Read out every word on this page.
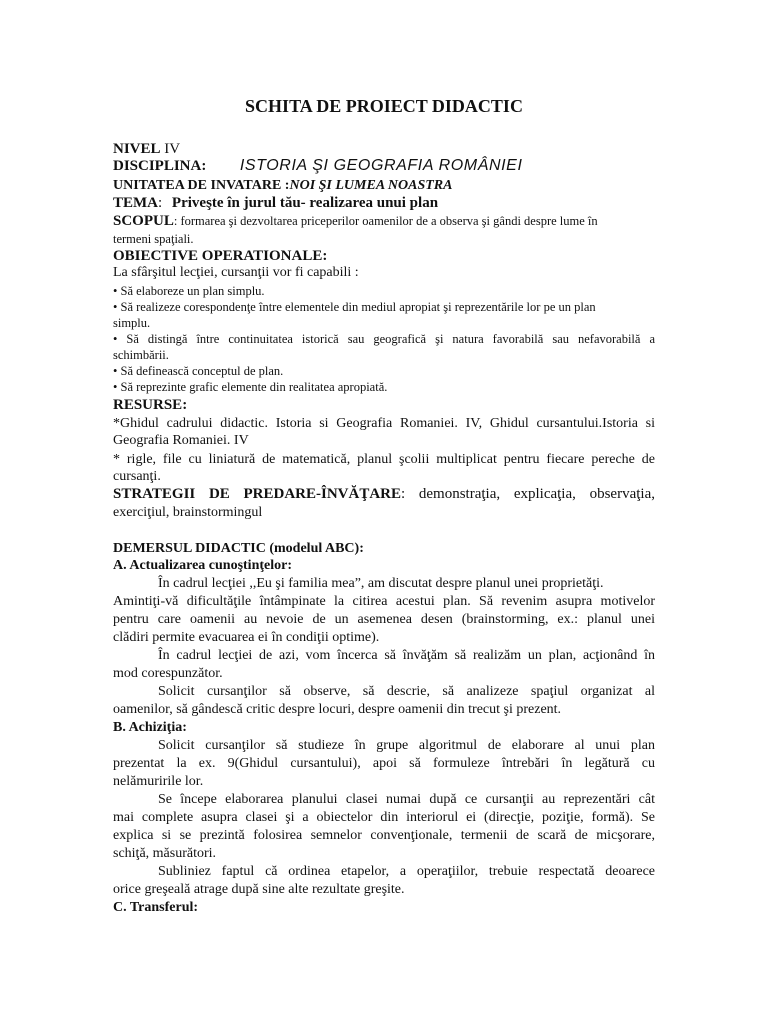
SCHITA DE PROIECT DIDACTIC
NIVEL IV
DISCIPLINA: ISTORIA ŞI GEOGRAFIA ROMÂNIEI
UNITATEA DE INVATARE :NOI ŞI LUMEA NOASTRA
TEMA: Priveşte în jurul tău- realizarea unui plan
SCOPUL: formarea şi dezvoltarea priceperilor oamenilor de a observa şi gândi despre lume în
termeni spaţiali.
OBIECTIVE OPERATIONALE:
La sfârşitul lecţiei, cursanţii vor fi capabili :
• Să elaboreze un plan simplu.
• Să realizeze corespondenţe între elementele din mediul apropiat şi reprezentările lor pe un plan
simplu.
• Să distingă între continuitatea istorică sau geografică şi natura favorabilă sau nefavorabilă a
schimbării.
• Să definească conceptul de plan.
• Să reprezinte grafic elemente din realitatea apropiată.
RESURSE:
*Ghidul cadrului didactic. Istoria si Geografia Romaniei. IV, Ghidul cursantului.Istoria si
Geografia Romaniei. IV
* rigle, file cu liniatură de matematică, planul şcolii multiplicat pentru fiecare pereche de
cursanţi.
STRATEGII DE PREDARE-ÎNVĂŢARE: demonstraţia, explicaţia, observaţia,
exerciţiul, brainstormingul
DEMERSUL DIDACTIC (modelul ABC):
A. Actualizarea cunoştinţelor:
În cadrul lecţiei ,,Eu şi familia mea”, am discutat despre planul unei proprietăţi.
Amintiţi-vă dificultăţile întâmpinate la citirea acestui plan. Să revenim asupra motivelor
pentru care oamenii au nevoie de un asemenea desen (brainstorming, ex.: planul unei
clădiri permite evacuarea ei în condiţii optime).
În cadrul lecţiei de azi, vom încerca să învăţăm să realizăm un plan, acţionând în
mod corespunzător.
Solicit cursanţilor să observe, să descrie, să analizeze spaţiul organizat al
oamenilor, să gândescă critic despre locuri, despre oamenii din trecut şi prezent.
B. Achiziţia:
Solicit cursanţilor să studieze în grupe algoritmul de elaborare al unui plan
prezentat la ex. 9(Ghidul cursantului), apoi să formuleze întrebări în legătură cu
nelămuririle lor.
Se începe elaborarea planului clasei numai după ce cursanţii au reprezentări cât
mai complete asupra clasei şi a obiectelor din interiorul ei (direcţie, poziţie, formă). Se
explica si se prezintă folosirea semnelor convenţionale, termenii de scară de micşorare,
schiţă, măsurători.
Subliniez faptul că ordinea etapelor, a operaţiilor, trebuie respectată deoarece
orice greşeală atrage după sine alte rezultate greşite.
C. Transferul:
